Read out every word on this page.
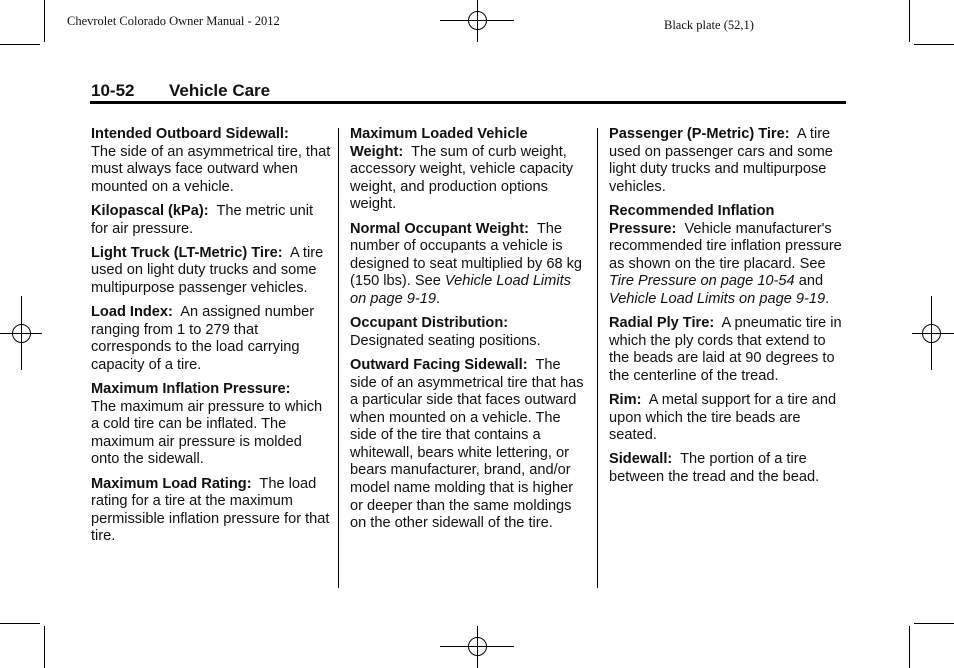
Chevrolet Colorado Owner Manual - 2012	Black plate (52,1)
10-52 Vehicle Care

Intended Outboard Sidewall:
The side of an asymmetrical tire, that must always face outward when mounted on a vehicle.

Kilopascal (kPa): The metric unit for air pressure.

Light Truck (LT-Metric) Tire: A tire used on light duty trucks and some multipurpose passenger vehicles.

Load Index: An assigned number ranging from 1 to 279 that corresponds to the load carrying capacity of a tire.

Maximum Inflation Pressure:
The maximum air pressure to which a cold tire can be inflated. The maximum air pressure is molded onto the sidewall.

Maximum Load Rating: The load rating for a tire at the maximum permissible inflation pressure for that tire.

Maximum Loaded Vehicle Weight: The sum of curb weight, accessory weight, vehicle capacity weight, and production options weight.

Normal Occupant Weight: The number of occupants a vehicle is designed to seat multiplied by 68 kg (150 lbs). See Vehicle Load Limits on page 9-19.

Occupant Distribution:
Designated seating positions.

Outward Facing Sidewall: The side of an asymmetrical tire that has a particular side that faces outward when mounted on a vehicle. The side of the tire that contains a whitewall, bears white lettering, or bears manufacturer, brand, and/or model name molding that is higher or deeper than the same moldings on the other sidewall of the tire.

Passenger (P-Metric) Tire: A tire used on passenger cars and some light duty trucks and multipurpose vehicles.

Recommended Inflation Pressure: Vehicle manufacturer's recommended tire inflation pressure as shown on the tire placard. See Tire Pressure on page 10-54 and Vehicle Load Limits on page 9-19.

Radial Ply Tire: A pneumatic tire in which the ply cords that extend to the beads are laid at 90 degrees to the centerline of the tread.

Rim: A metal support for a tire and upon which the tire beads are seated.

Sidewall: The portion of a tire between the tread and the bead.
